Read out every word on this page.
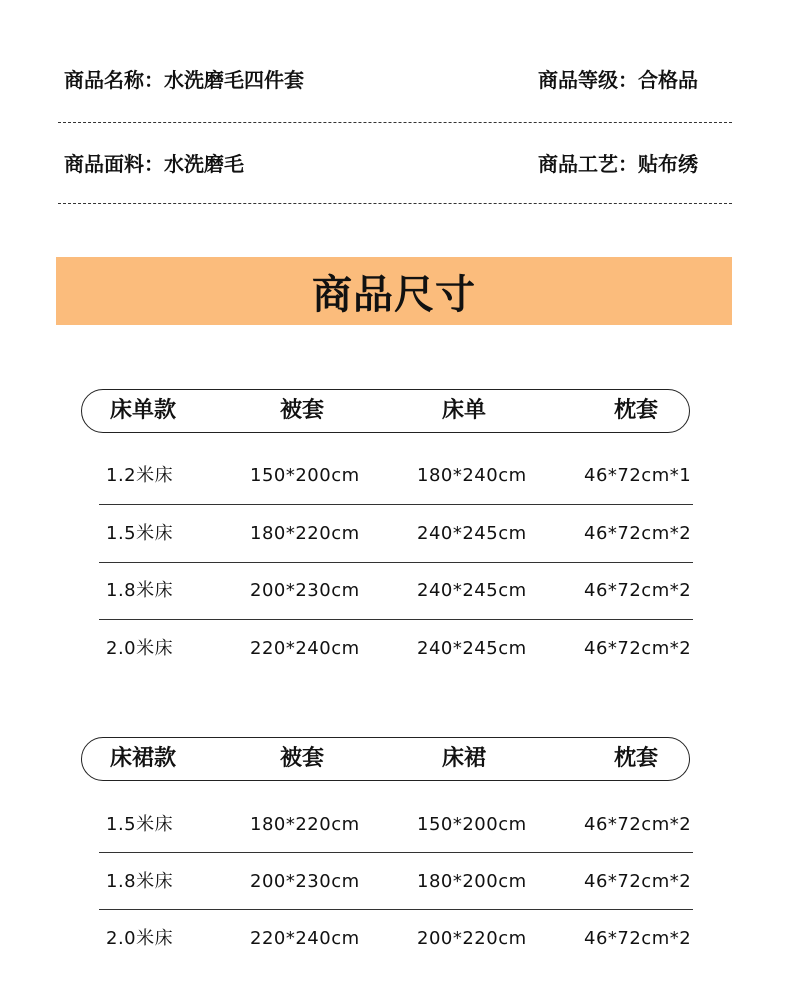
商品名称：水洗磨毛四件套	商品等级：合格品
商品面料：水洗磨毛	商品工艺：贴布绣
商品尺寸
床单款	被套	床单	枕套
1.2米床	150*200cm	180*240cm	46*72cm*1
1.5米床	180*220cm	240*245cm	46*72cm*2
1.8米床	200*230cm	240*245cm	46*72cm*2
2.0米床	220*240cm	240*245cm	46*72cm*2
床裙款	被套	床裙	枕套
1.5米床	180*220cm	150*200cm	46*72cm*2
1.8米床	200*230cm	180*200cm	46*72cm*2
2.0米床	220*240cm	200*220cm	46*72cm*2
